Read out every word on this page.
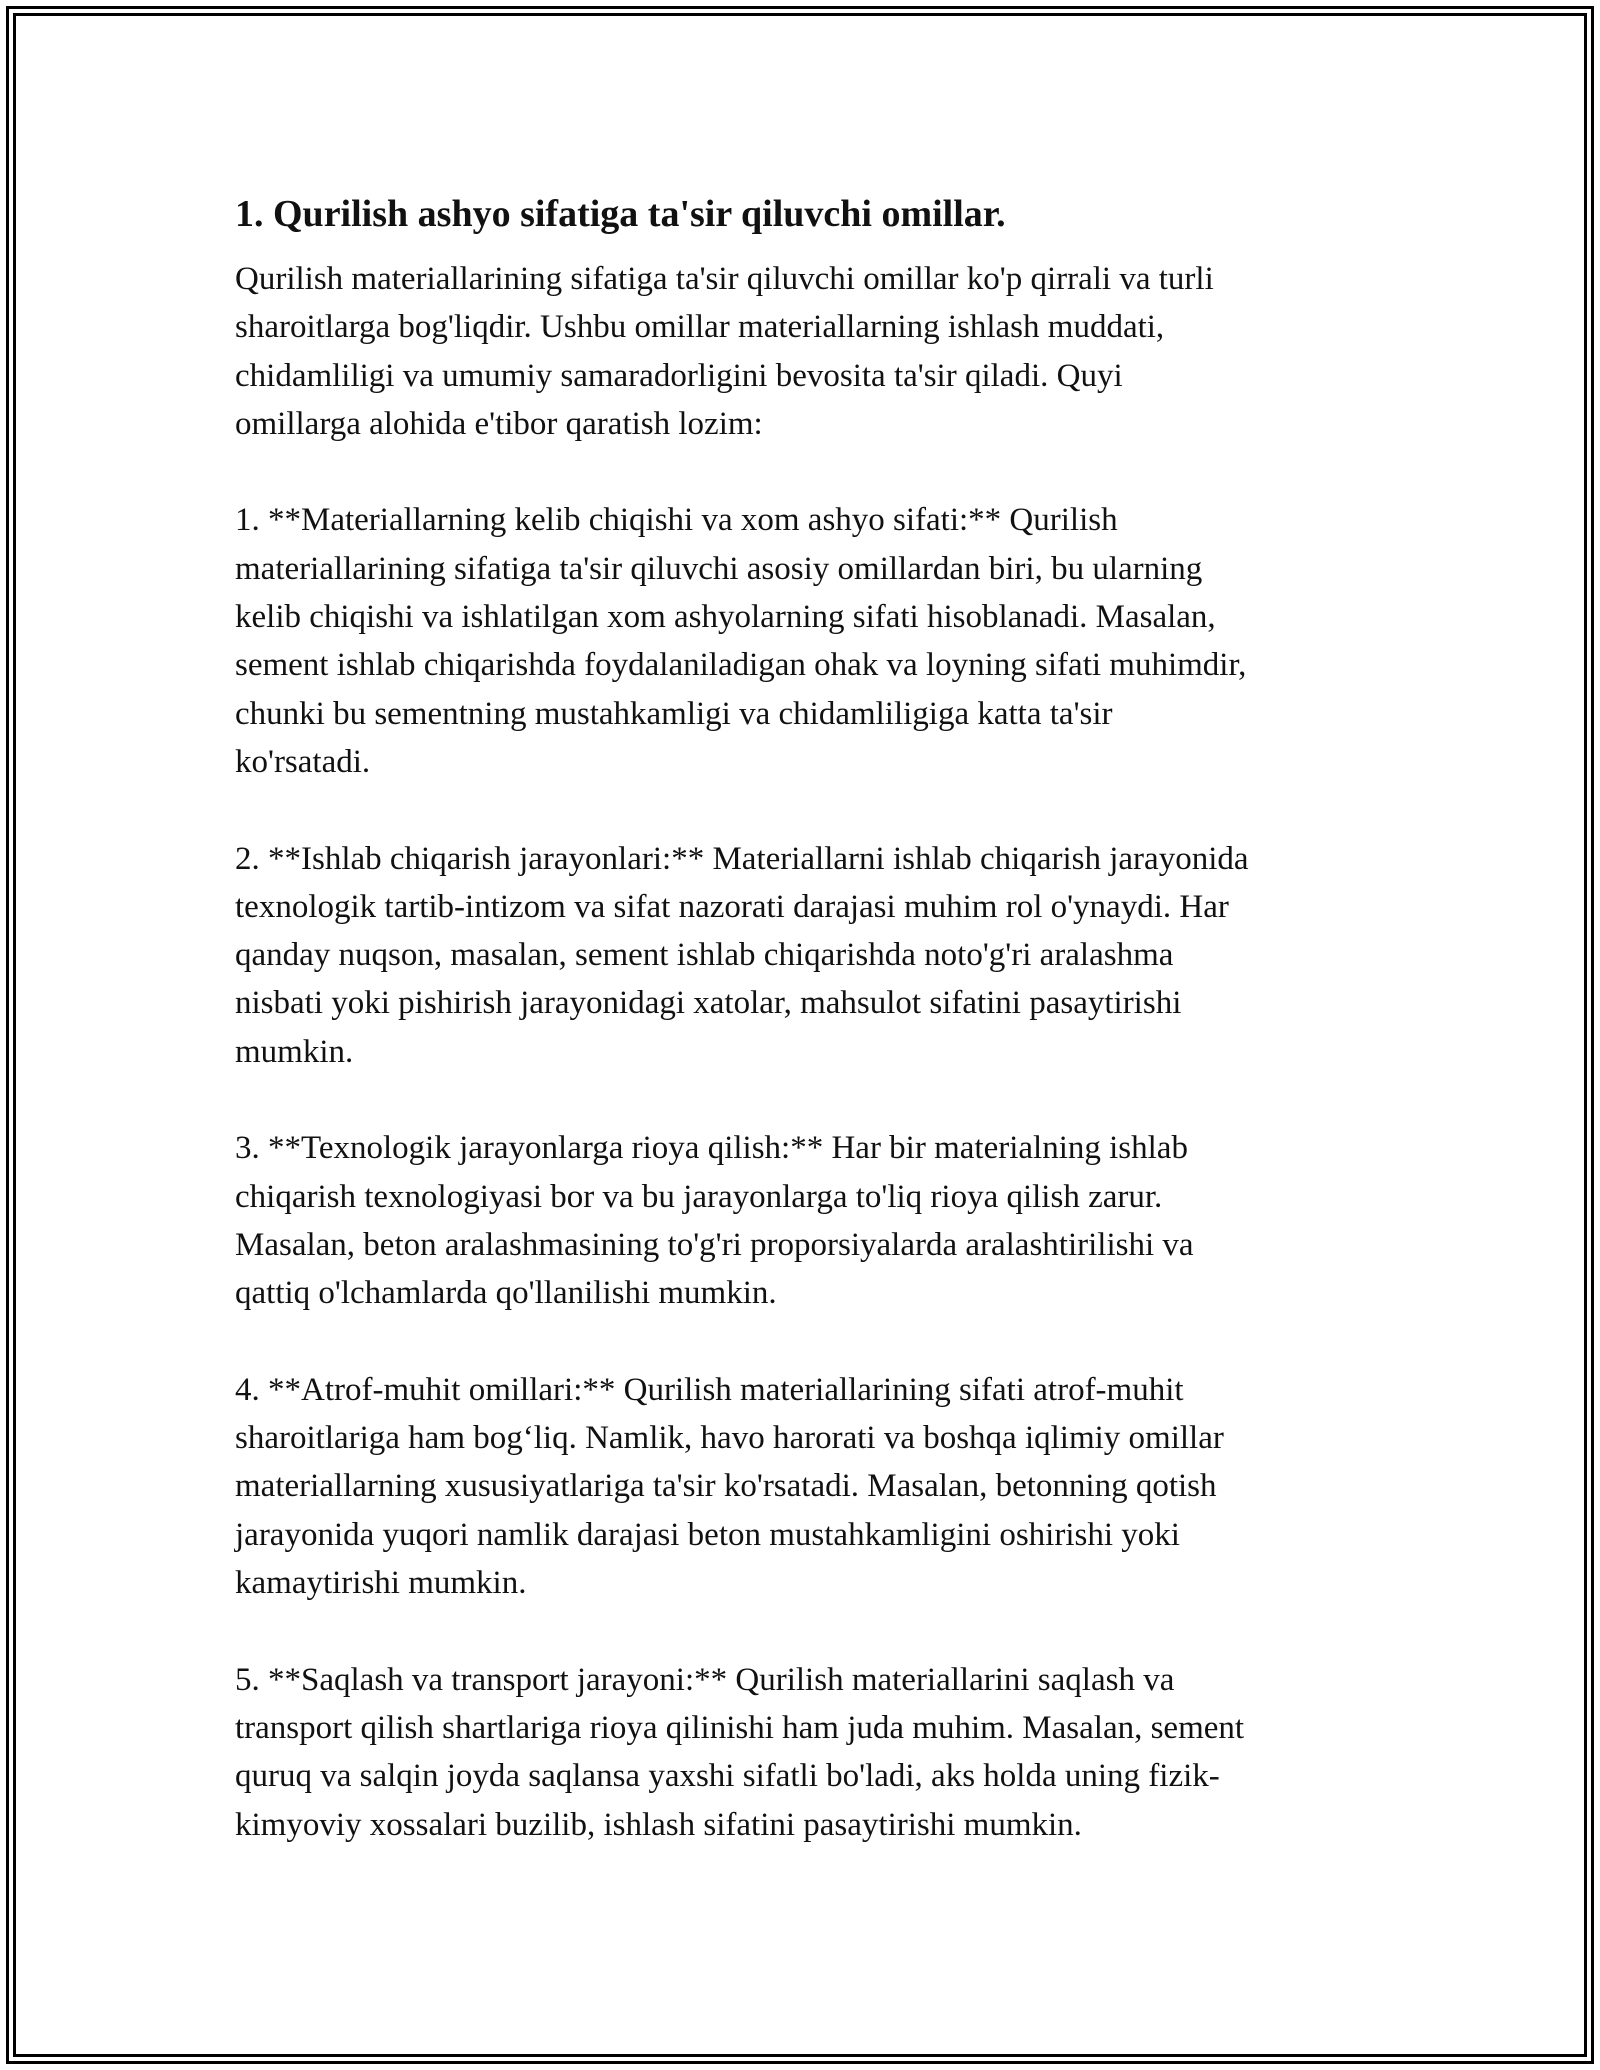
1. Qurilish ashyo sifatiga ta'sir qiluvchi omillar.

Qurilish materiallarining sifatiga ta'sir qiluvchi omillar ko'p qirrali va turli
sharoitlarga bog'liqdir. Ushbu omillar materiallarning ishlash muddati,
chidamliligi va umumiy samaradorligini bevosita ta'sir qiladi. Quyi
omillarga alohida e'tibor qaratish lozim:

1. **Materiallarning kelib chiqishi va xom ashyo sifati:** Qurilish
materiallarining sifatiga ta'sir qiluvchi asosiy omillardan biri, bu ularning
kelib chiqishi va ishlatilgan xom ashyolarning sifati hisoblanadi. Masalan,
sement ishlab chiqarishda foydalaniladigan ohak va loyning sifati muhimdir,
chunki bu sementning mustahkamligi va chidamliligiga katta ta'sir
ko'rsatadi.

2. **Ishlab chiqarish jarayonlari:** Materiallarni ishlab chiqarish jarayonida
texnologik tartib-intizom va sifat nazorati darajasi muhim rol o'ynaydi. Har
qanday nuqson, masalan, sement ishlab chiqarishda noto'g'ri aralashma
nisbati yoki pishirish jarayonidagi xatolar, mahsulot sifatini pasaytirishi
mumkin.

3. **Texnologik jarayonlarga rioya qilish:** Har bir materialning ishlab
chiqarish texnologiyasi bor va bu jarayonlarga to'liq rioya qilish zarur.
Masalan, beton aralashmasining to'g'ri proporsiyalarda aralashtirilishi va
qattiq o'lchamlarda qo'llanilishi mumkin.

4. **Atrof-muhit omillari:** Qurilish materiallarining sifati atrof-muhit
sharoitlariga ham bog‘liq. Namlik, havo harorati va boshqa iqlimiy omillar
materiallarning xususiyatlariga ta'sir ko'rsatadi. Masalan, betonning qotish
jarayonida yuqori namlik darajasi beton mustahkamligini oshirishi yoki
kamaytirishi mumkin.

5. **Saqlash va transport jarayoni:** Qurilish materiallarini saqlash va
transport qilish shartlariga rioya qilinishi ham juda muhim. Masalan, sement
quruq va salqin joyda saqlansa yaxshi sifatli bo'ladi, aks holda uning fizik-
kimyoviy xossalari buzilib, ishlash sifatini pasaytirishi mumkin.
